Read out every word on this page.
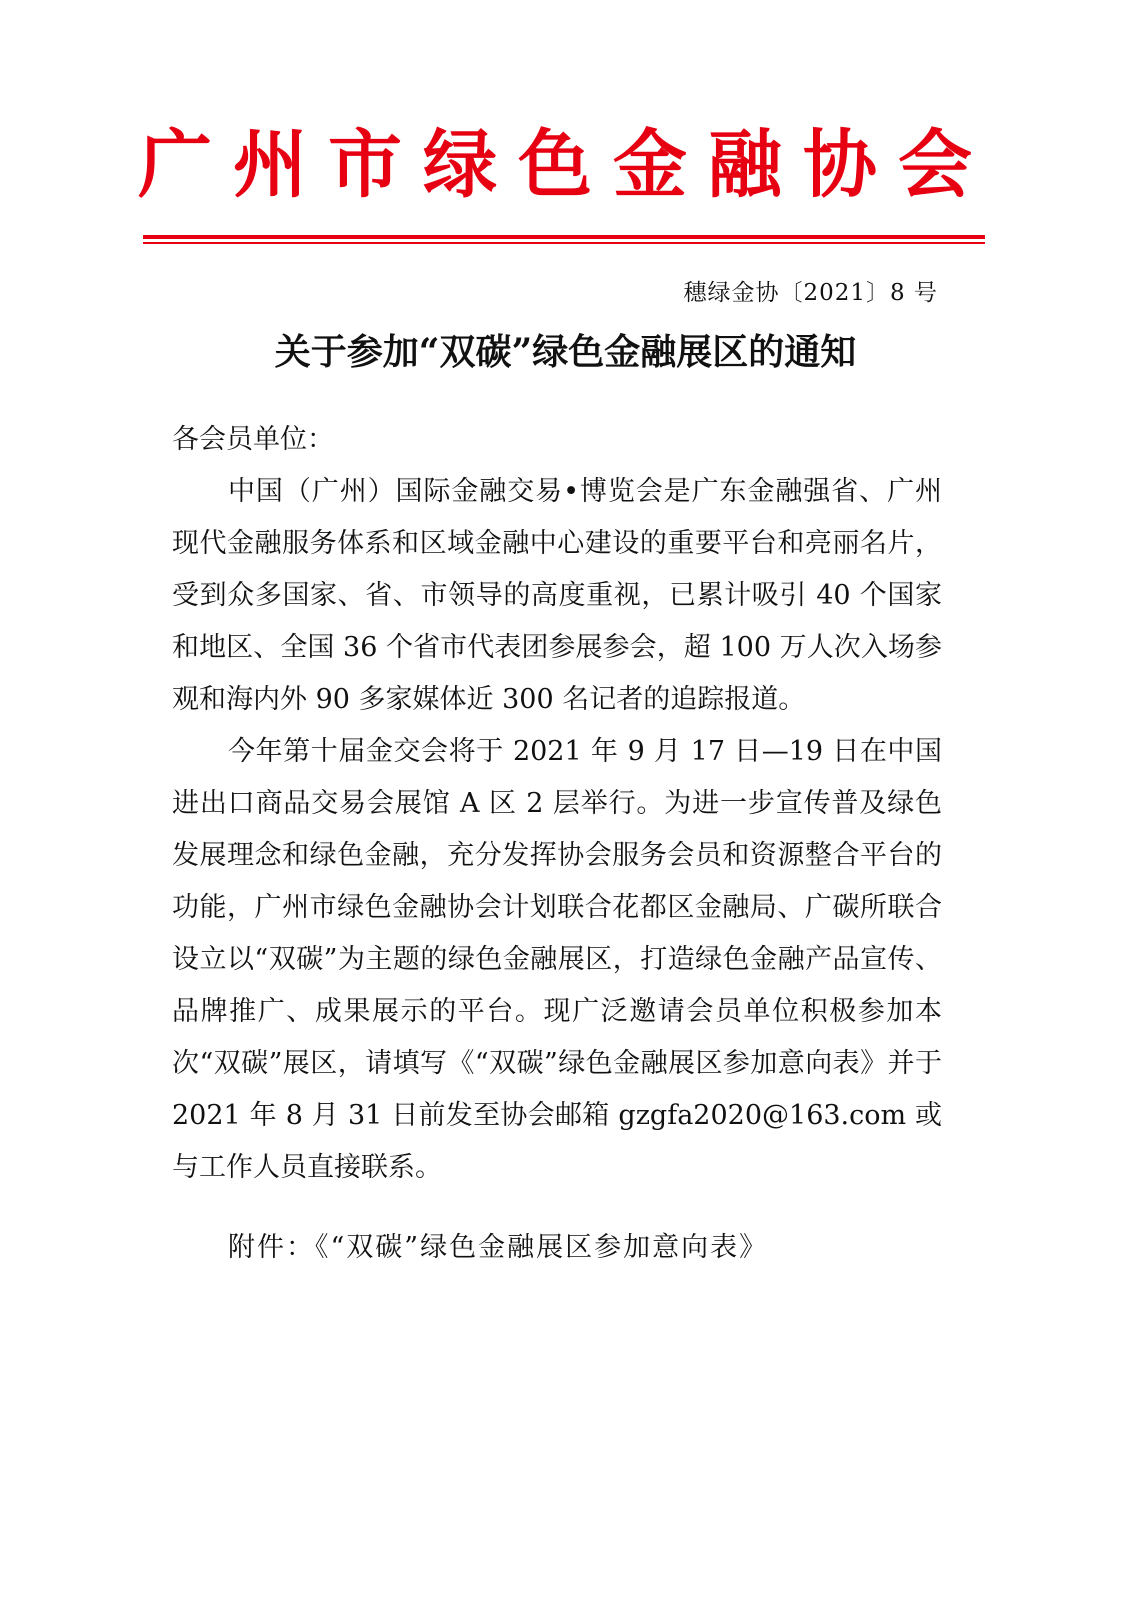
广州市绿色金融协会
穗绿金协〔2021〕8 号
关于参加“双碳”绿色金融展区的通知

各会员单位：

中国（广州）国际金融交易•博览会是广东金融强省、广州现代金融服务体系和区域金融中心建设的重要平台和亮丽名片，受到众多国家、省、市领导的高度重视，已累计吸引 40 个国家和地区、全国 36 个省市代表团参展参会，超 100 万人次入场参观和海内外 90 多家媒体近 300 名记者的追踪报道。

今年第十届金交会将于 2021 年 9 月 17 日—19 日在中国进出口商品交易会展馆 A 区 2 层举行。为进一步宣传普及绿色发展理念和绿色金融，充分发挥协会服务会员和资源整合平台的功能，广州市绿色金融协会计划联合花都区金融局、广碳所联合设立以“双碳”为主题的绿色金融展区，打造绿色金融产品宣传、品牌推广、成果展示的平台。现广泛邀请会员单位积极参加本次“双碳”展区，请填写《“双碳”绿色金融展区参加意向表》并于 2021 年 8 月 31 日前发至协会邮箱 gzgfa2020@163.com 或与工作人员直接联系。

附件：《“双碳”绿色金融展区参加意向表》
